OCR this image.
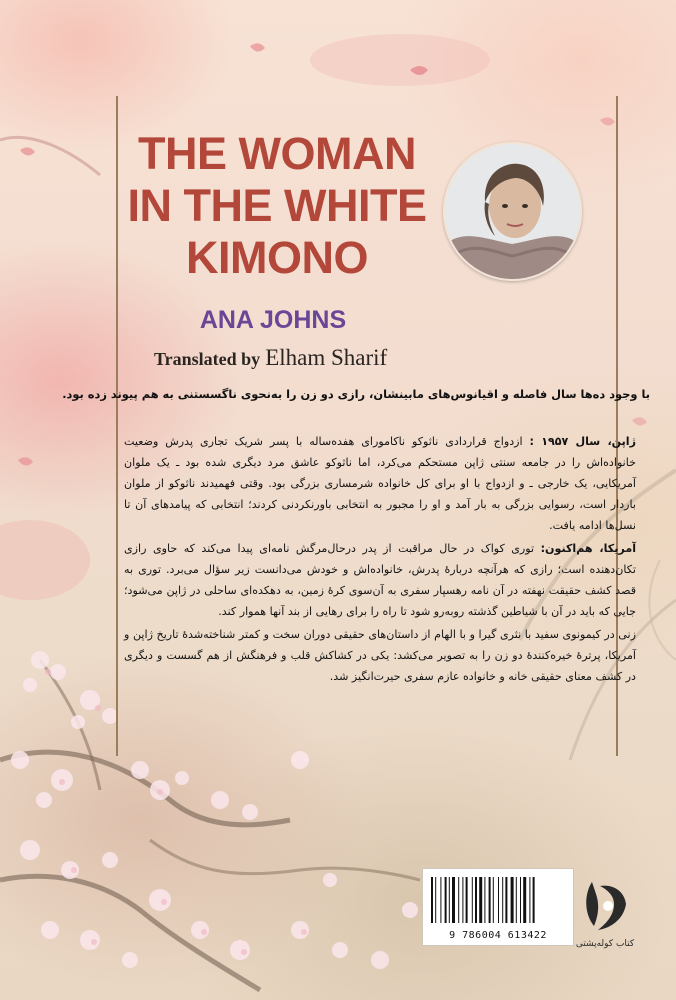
THE WOMAN
IN THE WHITE
KIMONO
ANA JOHNS
Translated by Elham Sharif

با وجود ده‌ها سال فاصله و اقیانوس‌های مابینشان، رازی دو زن را به‌نحوی ناگسستنی به هم پیوند زده بود.

ژاپن، سال ۱۹۵۷ : ازدواج قراردادی ناثوکو ناکامورای هفده‌ساله با پسر شریک تجاری پدرش وضعیت خانواده‌اش را در جامعه سنتی ژاپن مستحکم می‌کرد، اما ناثوکو عاشق مرد دیگری شده بود ـ یک ملوان آمریکایی، یک خارجی ـ و ازدواج با او برای کل خانواده شرمساری بزرگی بود. وقتی فهمیدند ناثوکو از ملوان باردار است، رسوایی بزرگی به بار آمد و او را مجبور به انتخابی باورنکردنی کردند؛ انتخابی که پیامدهای آن تا نسل‌ها ادامه یافت.

آمریکا، هم‌اکنون: توری کواک در حال مراقبت از پدر درحال‌مرگش نامه‌ای پیدا می‌کند که حاوی رازی تکان‌دهنده است؛ رازی که هرآنچه دربارهٔ پدرش، خانواده‌اش و خودش می‌دانست زیر سؤال می‌برد. توری به قصد کشف حقیقت نهفته در آن نامه رهسپار سفری به آن‌سوی کرهٔ زمین، به دهکده‌ای ساحلی در ژاپن می‌شود؛ جایی که باید در آن با شیاطین گذشته روبه‌رو شود تا راه را برای رهایی از بند آنها هموار کند.

زنی در کیمونوی سفید با نثری گیرا و با الهام از داستان‌های حقیقی دوران سخت و کمتر شناخته‌شدهٔ تاریخ ژاپن و آمریکا، پرترهٔ خیره‌کنندهٔ دو زن را به تصویر می‌کشد: یکی در کشاکش قلب و فرهنگش از هم گسست و دیگری در کشف معنای حقیقی خانه و خانواده عازم سفری حیرت‌انگیز شد.

9 786004 613422
کتاب کوله‌پشتی
